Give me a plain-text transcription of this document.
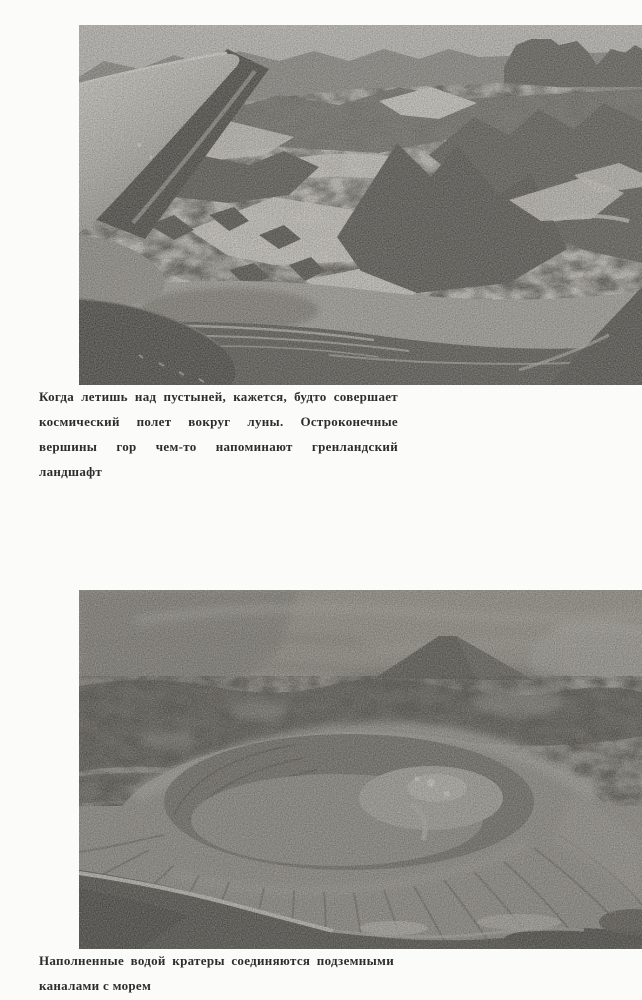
Когда летишь над пустыней, кажется, будто совершает
космический полет вокруг луны. Остроконечные
вершины гор чем-то напоминают гренландский ландшафт
Наполненные водой кратеры соединяются подземными
каналами с морем
